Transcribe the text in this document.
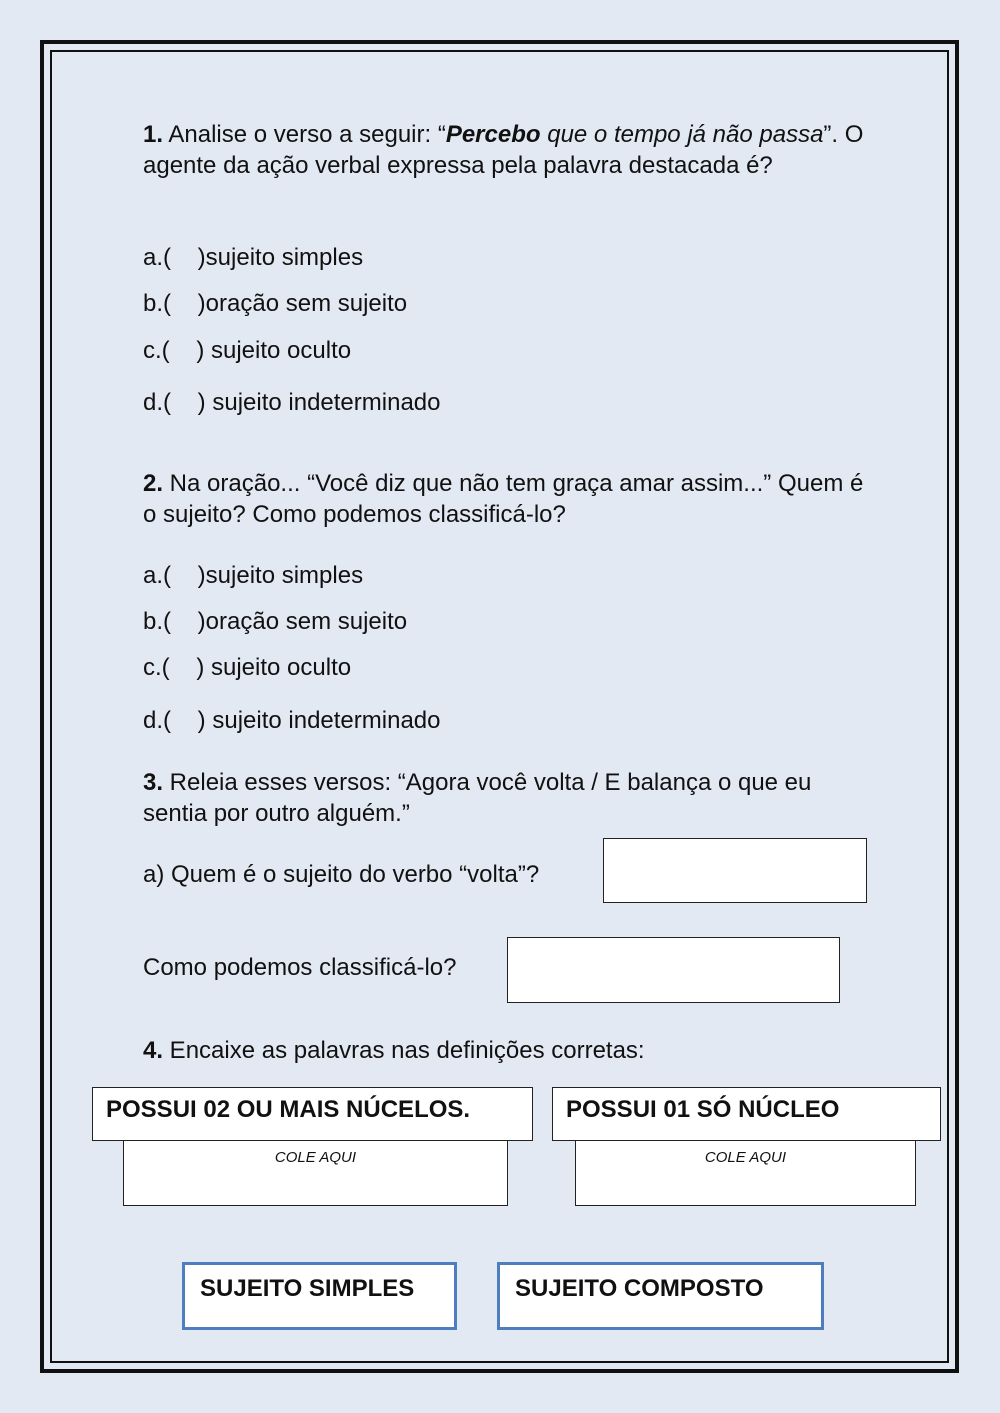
1. Analise o verso a seguir: “Percebo que o tempo já não passa”. O agente da ação verbal expressa pela palavra destacada é?
a.(    )sujeito simples
b.(    )oração sem sujeito
c.(    ) sujeito oculto
d.(    ) sujeito indeterminado
2. Na oração... “Você diz que não tem graça amar assim...” Quem é o sujeito? Como podemos classificá-lo?
a.(    )sujeito simples
b.(    )oração sem sujeito
c.(    ) sujeito oculto
d.(    ) sujeito indeterminado
3. Releia esses versos: “Agora você volta / E balança o que eu sentia por outro alguém.”
a) Quem é o sujeito do verbo “volta”?
Como podemos classificá-lo?
4. Encaixe as palavras nas definições corretas:
POSSUI 02 OU MAIS NÚCELOS.
COLE AQUI
POSSUI 01 SÓ NÚCLEO
COLE AQUI
SUJEITO SIMPLES	SUJEITO COMPOSTO
